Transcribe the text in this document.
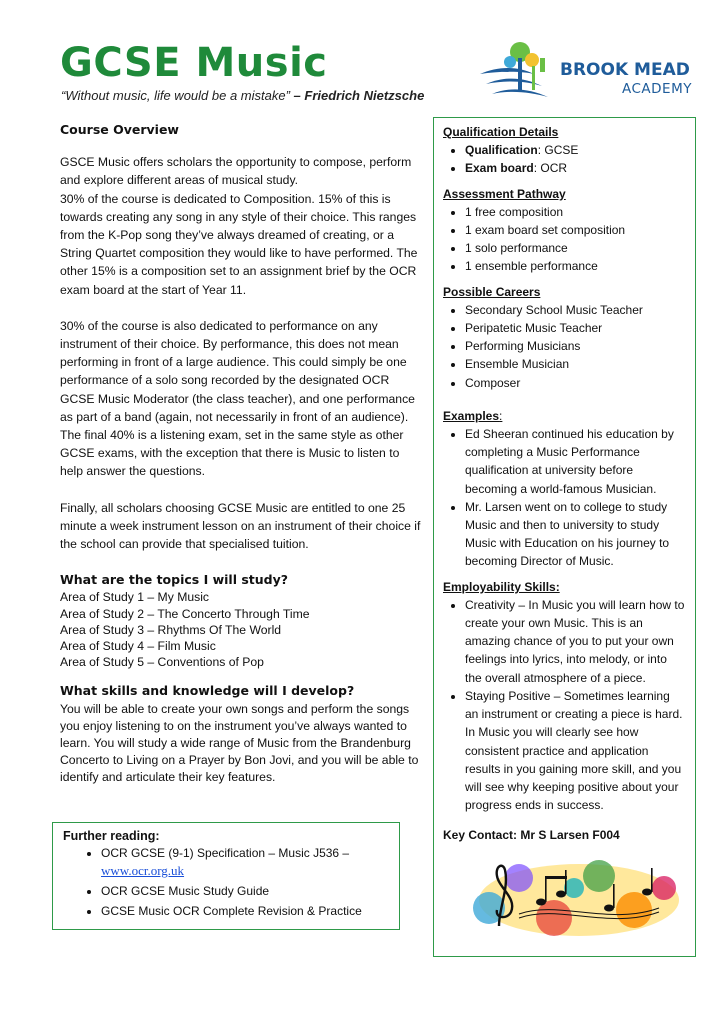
GCSE Music
“Without music, life would be a mistake” – Friedrich Nietzsche
BROOK MEAD
ACADEMY
Course Overview

GSCE Music offers scholars the opportunity to compose, perform and explore different areas of musical study.

30% of the course is dedicated to Composition. 15% of this is towards creating any song in any style of their choice. This ranges from the K-Pop song they’ve always dreamed of creating, or a String Quartet composition they would like to have performed. The other 15% is a composition set to an assignment brief by the OCR exam board at the start of Year 11.

30% of the course is also dedicated to performance on any instrument of their choice. By performance, this does not mean performing in front of a large audience. This could simply be one performance of a solo song recorded by the designated OCR GCSE Music Moderator (the class teacher), and one performance as part of a band (again, not necessarily in front of an audience).

The final 40% is a listening exam, set in the same style as other GCSE exams, with the exception that there is Music to listen to help answer the questions.

Finally, all scholars choosing GCSE Music are entitled to one 25 minute a week instrument lesson on an instrument of their choice if the school can provide that specialised tuition.

What are the topics I will study?
Area of Study 1 – My Music
Area of Study 2 – The Concerto Through Time
Area of Study 3 – Rhythms Of The World
Area of Study 4 – Film Music
Area of Study 5 – Conventions of Pop
What skills and knowledge will I develop?

You will be able to create your own songs and perform the songs you enjoy listening to on the instrument you’ve always wanted to learn. You will study a wide range of Music from the Brandenburg Concerto to Living on a Prayer by Bon Jovi, and you will be able to identify and articulate their key features.

Further reading:
• OCR GCSE (9-1) Specification – Music J536 –
www.ocr.org.uk
• OCR GCSE Music Study Guide
• GCSE Music OCR Complete Revision & Practice
Qualification Details
• Qualification: GCSE
• Exam board: OCR
Assessment Pathway
• 1 free composition
• 1 exam board set composition
• 1 solo performance
• 1 ensemble performance
Possible Careers
• Secondary School Music Teacher
• Peripatetic Music Teacher
• Performing Musicians
• Ensemble Musician
• Composer
Examples:
• Ed Sheeran continued his education by completing a Music Performance qualification at university before becoming a world-famous Musician.
• Mr. Larsen went on to college to study Music and then to university to study Music with Education on his journey to becoming Director of Music.
Employability Skills:
• Creativity – In Music you will learn how to create your own Music. This is an amazing chance of you to put your own feelings into lyrics, into melody, or into the overall atmosphere of a piece.
• Staying Positive – Sometimes learning an instrument or creating a piece is hard. In Music you will clearly see how consistent practice and application results in you gaining more skill, and you will see why keeping positive about your progress ends in success.
Key Contact: Mr S Larsen F004
